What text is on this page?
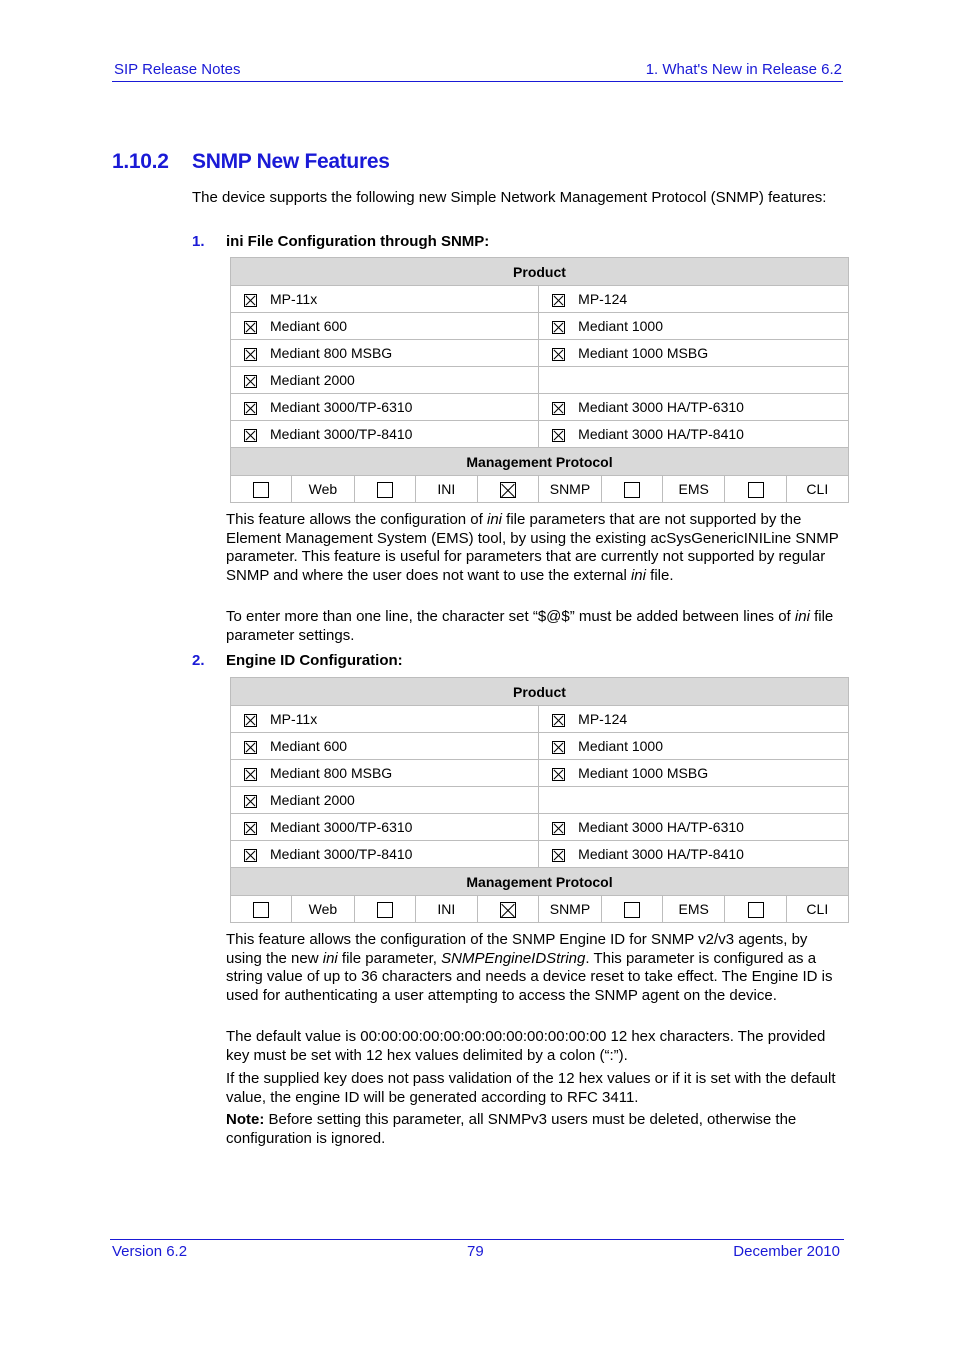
SIP Release Notes	1. What's New in Release 6.2
1.10.2 SNMP New Features

The device supports the following new Simple Network Management Protocol (SNMP) features:

1. ini File Configuration through SNMP:
Product									
MP-11x					MP-124				
Mediant 600					Mediant 1000				
Mediant 800 MSBG					Mediant 1000 MSBG				
Mediant 2000									
Mediant 3000/TP-6310					Mediant 3000 HA/TP-6310				
Mediant 3000/TP-8410					Mediant 3000 HA/TP-8410				
Management Protocol									
	Web		INI		SNMP		EMS		CLI

This feature allows the configuration of ini file parameters that are not supported by the Element Management System (EMS) tool, by using the existing acSysGenericINILine SNMP parameter. This feature is useful for parameters that are currently not supported by regular SNMP and where the user does not want to use the external ini file.

To enter more than one line, the character set “$@$” must be added between lines of ini file parameter settings.

2. Engine ID Configuration:
Product									
MP-11x					MP-124				
Mediant 600					Mediant 1000				
Mediant 800 MSBG					Mediant 1000 MSBG				
Mediant 2000									
Mediant 3000/TP-6310					Mediant 3000 HA/TP-6310				
Mediant 3000/TP-8410					Mediant 3000 HA/TP-8410				
Management Protocol									
	Web		INI		SNMP		EMS		CLI

This feature allows the configuration of the SNMP Engine ID for SNMP v2/v3 agents, by using the new ini file parameter, SNMPEngineIDString. This parameter is configured as a string value of up to 36 characters and needs a device reset to take effect. The Engine ID is used for authenticating a user attempting to access the SNMP agent on the device.

The default value is 00:00:00:00:00:00:00:00:00:00:00:00 12 hex characters. The provided key must be set with 12 hex values delimited by a colon (“:”).

If the supplied key does not pass validation of the 12 hex values or if it is set with the default value, the engine ID will be generated according to RFC 3411.

Note: Before setting this parameter, all SNMPv3 users must be deleted, otherwise the configuration is ignored.

Version 6.2	79	December 2010
